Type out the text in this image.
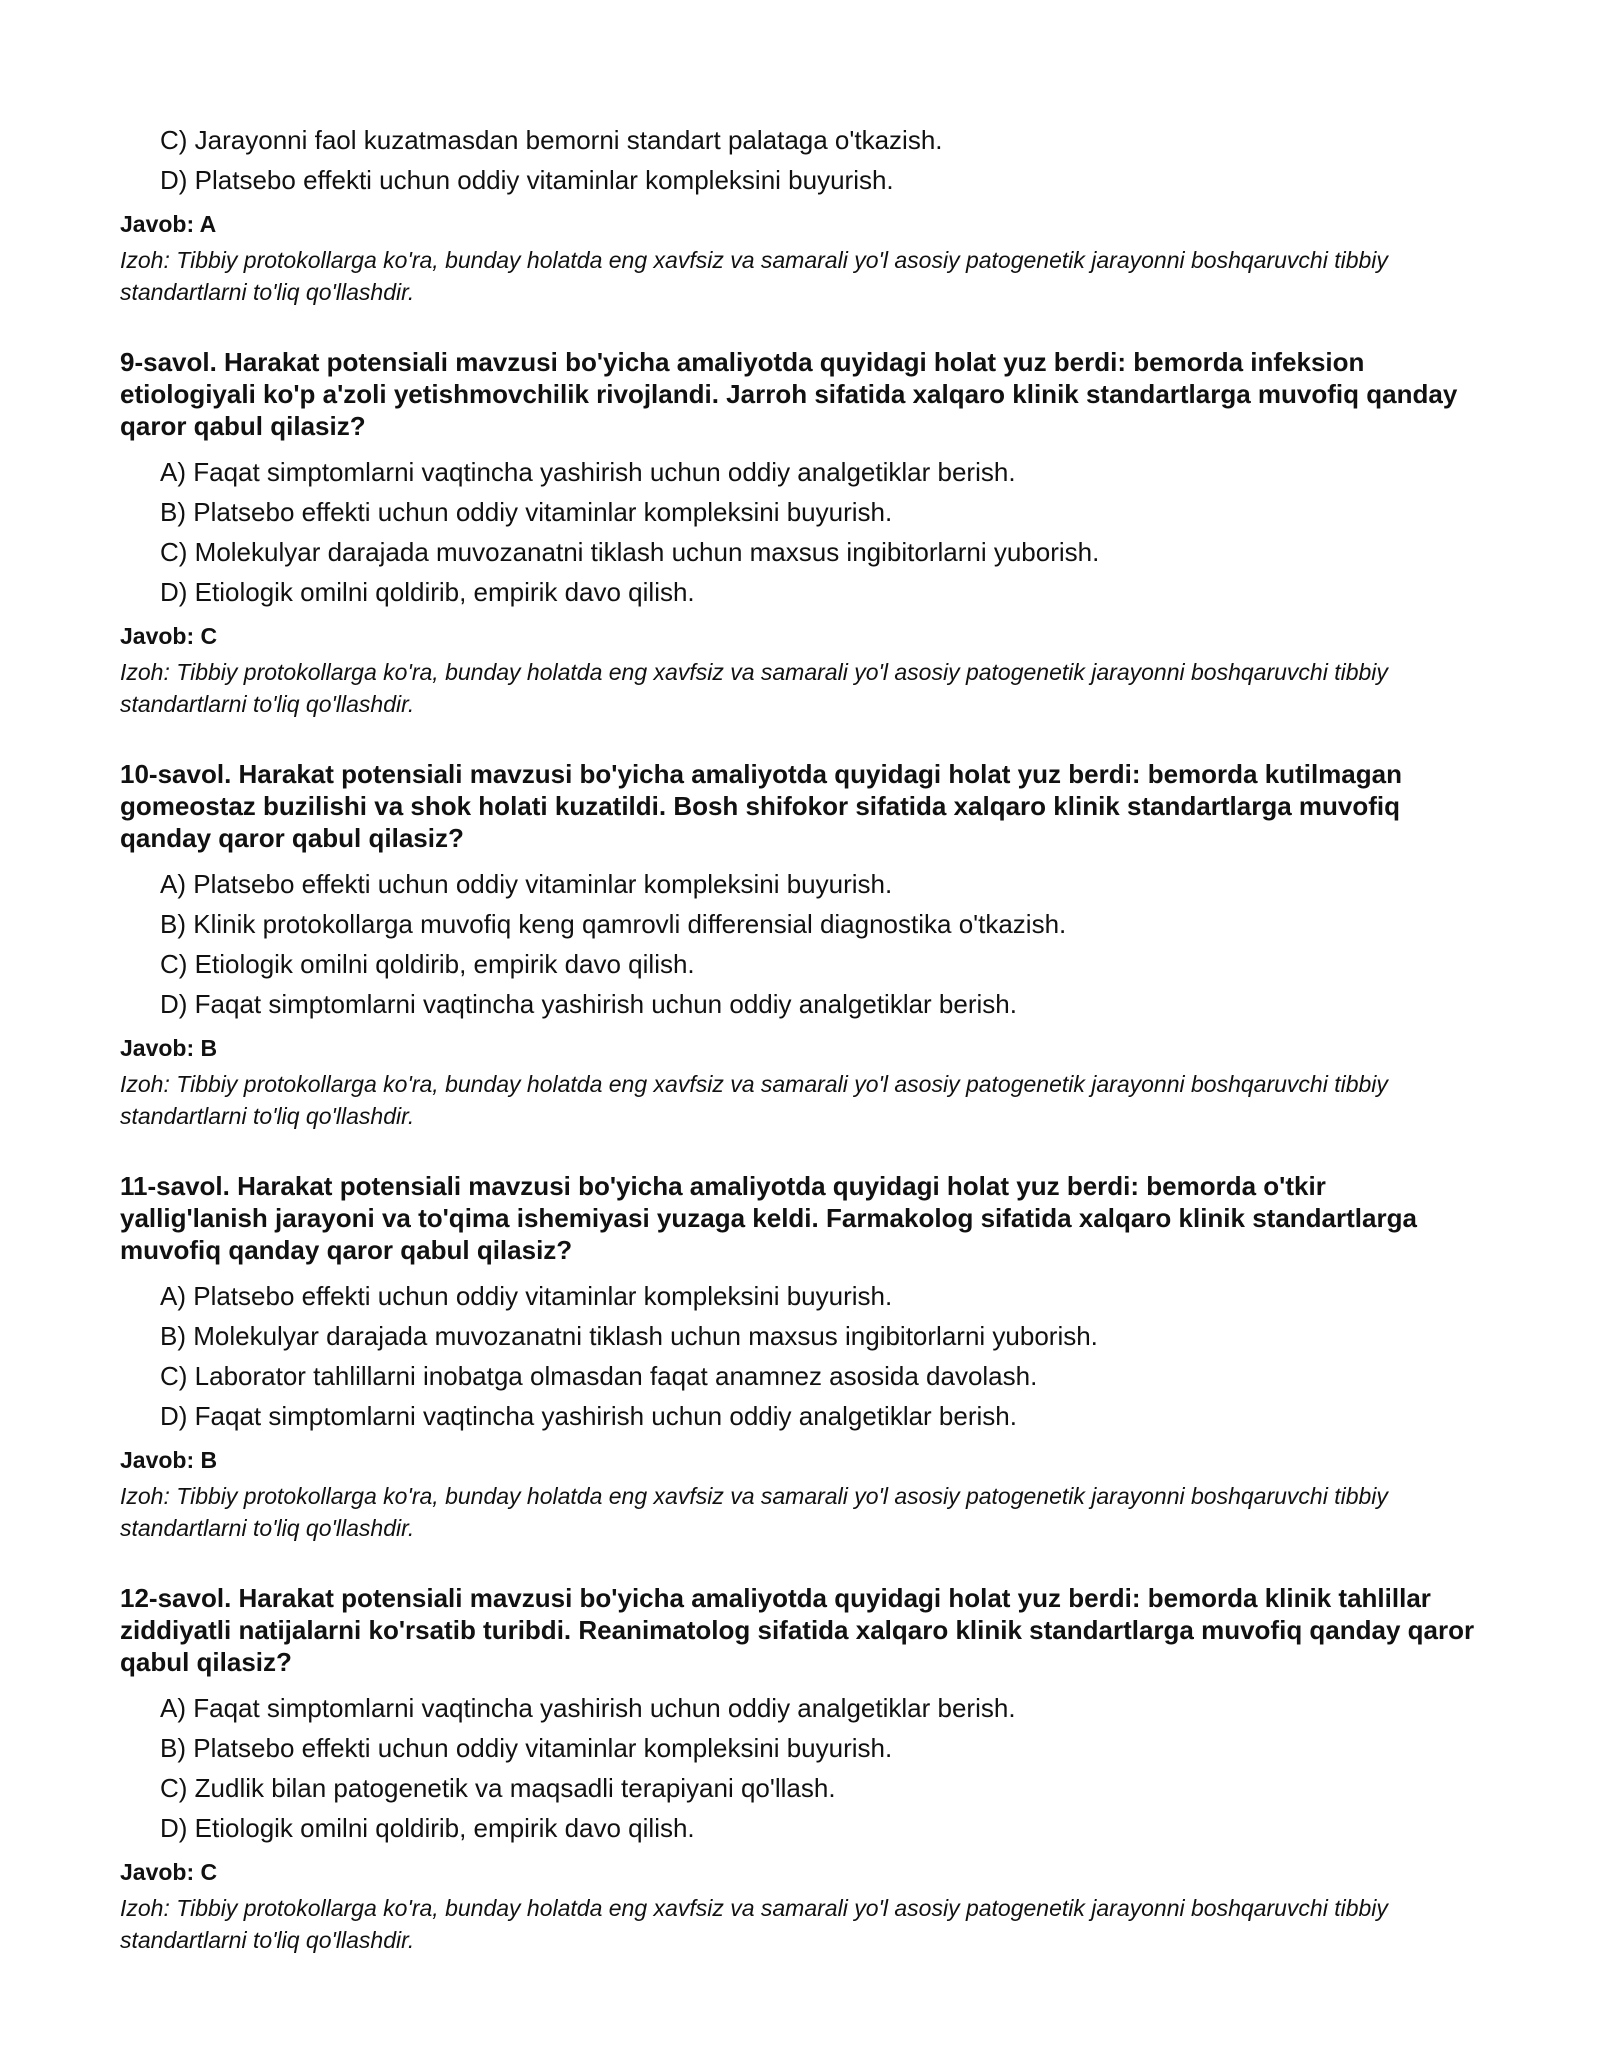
C) Jarayonni faol kuzatmasdan bemorni standart palataga o'tkazish.
D) Platsebo effekti uchun oddiy vitaminlar kompleksini buyurish.
Javob: A
Izoh: Tibbiy protokollarga ko'ra, bunday holatda eng xavfsiz va samarali yo'l asosiy patogenetik jarayonni boshqaruvchi tibbiy standartlarni to'liq qo'llashdir.

9-savol. Harakat potensiali mavzusi bo'yicha amaliyotda quyidagi holat yuz berdi: bemorda infeksion etiologiyali ko'p a'zoli yetishmovchilik rivojlandi. Jarroh sifatida xalqaro klinik standartlarga muvofiq qanday qaror qabul qilasiz?

A) Faqat simptomlarni vaqtincha yashirish uchun oddiy analgetiklar berish.
B) Platsebo effekti uchun oddiy vitaminlar kompleksini buyurish.
C) Molekulyar darajada muvozanatni tiklash uchun maxsus ingibitorlarni yuborish.
D) Etiologik omilni qoldirib, empirik davo qilish.
Javob: C
Izoh: Tibbiy protokollarga ko'ra, bunday holatda eng xavfsiz va samarali yo'l asosiy patogenetik jarayonni boshqaruvchi tibbiy standartlarni to'liq qo'llashdir.

10-savol. Harakat potensiali mavzusi bo'yicha amaliyotda quyidagi holat yuz berdi: bemorda kutilmagan gomeostaz buzilishi va shok holati kuzatildi. Bosh shifokor sifatida xalqaro klinik standartlarga muvofiq qanday qaror qabul qilasiz?

A) Platsebo effekti uchun oddiy vitaminlar kompleksini buyurish.
B) Klinik protokollarga muvofiq keng qamrovli differensial diagnostika o'tkazish.
C) Etiologik omilni qoldirib, empirik davo qilish.
D) Faqat simptomlarni vaqtincha yashirish uchun oddiy analgetiklar berish.
Javob: B
Izoh: Tibbiy protokollarga ko'ra, bunday holatda eng xavfsiz va samarali yo'l asosiy patogenetik jarayonni boshqaruvchi tibbiy standartlarni to'liq qo'llashdir.

11-savol. Harakat potensiali mavzusi bo'yicha amaliyotda quyidagi holat yuz berdi: bemorda o'tkir yallig'lanish jarayoni va to'qima ishemiyasi yuzaga keldi. Farmakolog sifatida xalqaro klinik standartlarga muvofiq qanday qaror qabul qilasiz?

A) Platsebo effekti uchun oddiy vitaminlar kompleksini buyurish.
B) Molekulyar darajada muvozanatni tiklash uchun maxsus ingibitorlarni yuborish.
C) Laborator tahlillarni inobatga olmasdan faqat anamnez asosida davolash.
D) Faqat simptomlarni vaqtincha yashirish uchun oddiy analgetiklar berish.
Javob: B
Izoh: Tibbiy protokollarga ko'ra, bunday holatda eng xavfsiz va samarali yo'l asosiy patogenetik jarayonni boshqaruvchi tibbiy standartlarni to'liq qo'llashdir.

12-savol. Harakat potensiali mavzusi bo'yicha amaliyotda quyidagi holat yuz berdi: bemorda klinik tahlillar ziddiyatli natijalarni ko'rsatib turibdi. Reanimatolog sifatida xalqaro klinik standartlarga muvofiq qanday qaror qabul qilasiz?

A) Faqat simptomlarni vaqtincha yashirish uchun oddiy analgetiklar berish.
B) Platsebo effekti uchun oddiy vitaminlar kompleksini buyurish.
C) Zudlik bilan patogenetik va maqsadli terapiyani qo'llash.
D) Etiologik omilni qoldirib, empirik davo qilish.
Javob: C
Izoh: Tibbiy protokollarga ko'ra, bunday holatda eng xavfsiz va samarali yo'l asosiy patogenetik jarayonni boshqaruvchi tibbiy standartlarni to'liq qo'llashdir.
